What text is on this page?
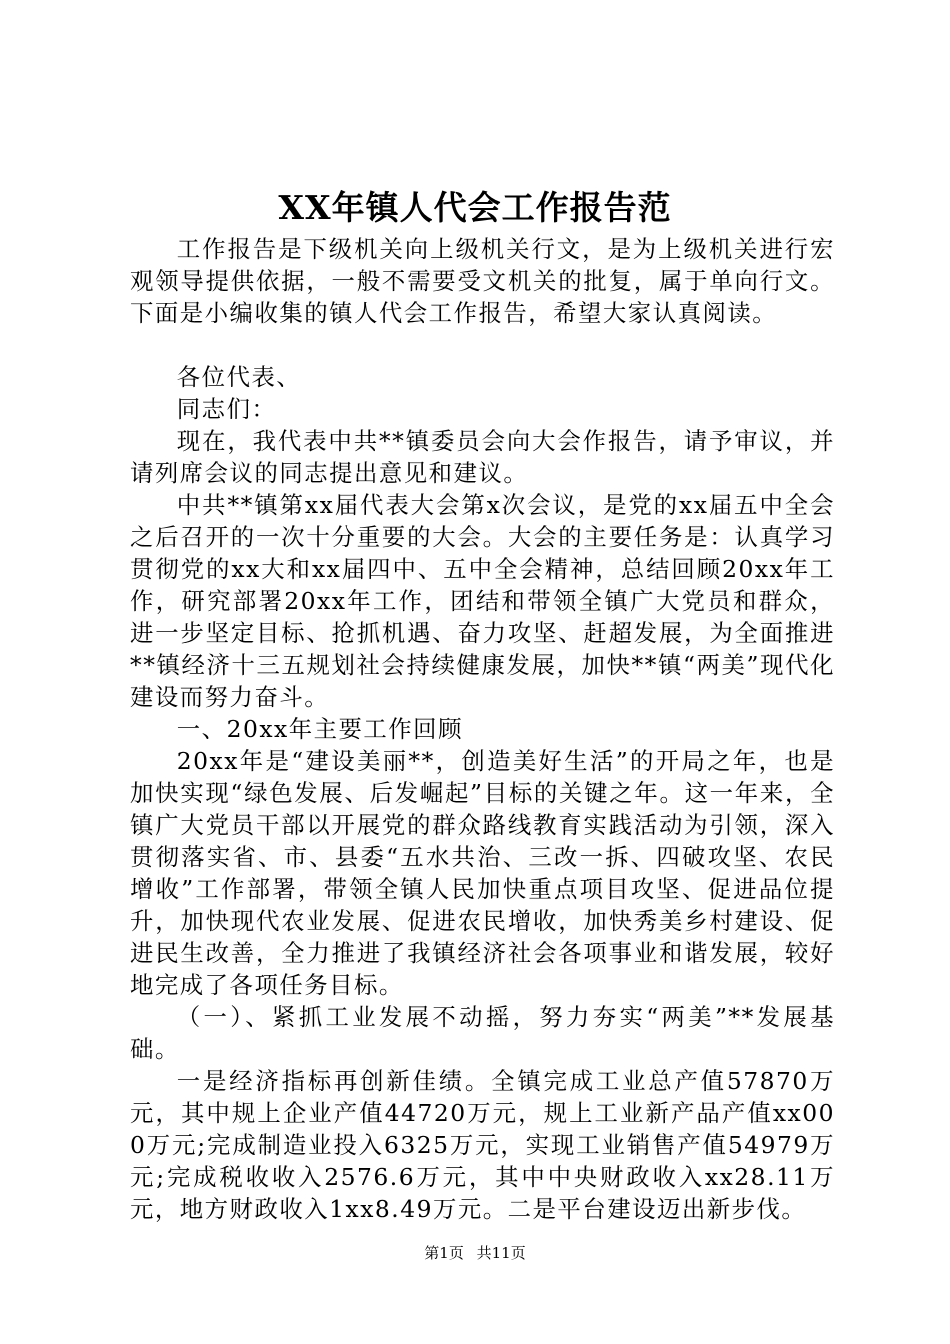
XX年镇人代会工作报告范

工作报告是下级机关向上级机关行文，是为上级机关进行宏观领导提供依据，一般不需要受文机关的批复，属于单向行文。下面是小编收集的镇人代会工作报告，希望大家认真阅读。

各位代表、

同志们：

现在，我代表中共**镇委员会向大会作报告，请予审议，并请列席会议的同志提出意见和建议。

中共**镇第xx届代表大会第x次会议，是党的xx届五中全会之后召开的一次十分重要的大会。大会的主要任务是：认真学习贯彻党的xx大和xx届四中、五中全会精神，总结回顾20xx年工作，研究部署20xx年工作，团结和带领全镇广大党员和群众，进一步坚定目标、抢抓机遇、奋力攻坚、赶超发展，为全面推进**镇经济十三五规划社会持续健康发展，加快**镇“两美”现代化建设而努力奋斗。

一、20xx年主要工作回顾

20xx年是“建设美丽**，创造美好生活”的开局之年，也是加快实现“绿色发展、后发崛起”目标的关键之年。这一年来，全镇广大党员干部以开展党的群众路线教育实践活动为引领，深入贯彻落实省、市、县委“五水共治、三改一拆、四破攻坚、农民增收”工作部署，带领全镇人民加快重点项目攻坚、促进品位提升，加快现代农业发展、促进农民增收，加快秀美乡村建设、促进民生改善，全力推进了我镇经济社会各项事业和谐发展，较好地完成了各项任务目标。

（一）、紧抓工业发展不动摇，努力夯实“两美”**发展基础。

一是经济指标再创新佳绩。全镇完成工业总产值57870万元，其中规上企业产值44720万元，规上工业新产品产值xx000万元;完成制造业投入6325万元，实现工业销售产值54979万元;完成税收收入2576.6万元，其中中央财政收入xx28.11万元，地方财政收入1xx8.49万元。二是平台建设迈出新步伐。

第1页 共11页
